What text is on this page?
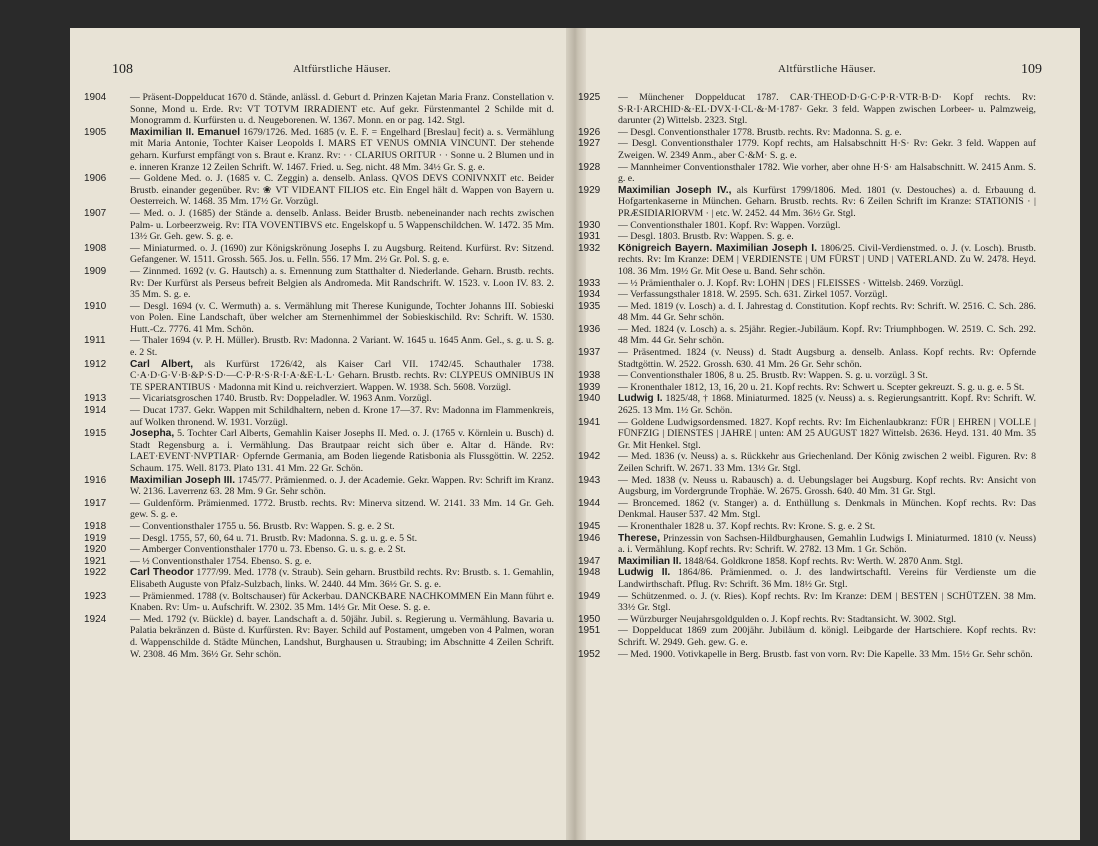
108	Altfürstliche Häuser.
1904 — Präsent-Doppelducat 1670 d. Stände, anlässl. d. Geburt d. Prinzen Kajetan Maria Franz. Constellation v. Sonne, Mond u. Erde. Rv: VT TOTVM IRRADIENT etc. Auf gekr. Fürstenmantel 2 Schilde mit d. Monogramm d. Kurfürsten u. d. Neugeborenen. W. 1367. Monn. en or pag. 142. Stgl.
1905 Maximilian II. Emanuel 1679/1726. Med. 1685 (v. E. F. = Engelhard [Breslau] fecit) a. s. Vermählung mit Maria Antonie, Tochter Kaiser Leopolds I. MARS ET VENUS OMNIA VINCUNT. Der stehende geharn. Kurfurst empfängt von s. Braut e. Kranz. Rv: · · CLARIUS ORITUR · · Sonne u. 2 Blumen und in e. inneren Kranze 12 Zeilen Schrift. W. 1467. Fried. u. Seg. nicht. 48 Mm. 34½ Gr. S. g. e.
1906 — Goldene Med. o. J. (1685 v. C. Zeggin) a. denselb. Anlass. QVOS DEVS CONIVNXIT etc. Beider Brustb. einander gegenüber. Rv: ❀ VT VIDEANT FILIOS etc. Ein Engel hält d. Wappen von Bayern u. Oesterreich. W. 1468. 35 Mm. 17½ Gr. Vorzügl.
1907 — Med. o. J. (1685) der Stände a. denselb. Anlass. Beider Brustb. nebeneinander nach rechts zwischen Palm- u. Lorbeerzweig. Rv: ITA VOVENTIBVS etc. Engelskopf u. 5 Wappenschildchen. W. 1472. 35 Mm. 13½ Gr. Geh. gew. S. g. e.
1908 — Miniaturmed. o. J. (1690) zur Königskrönung Josephs I. zu Augsburg. Reitend. Kurfürst. Rv: Sitzend. Gefangener. W. 1511. Grossh. 565. Jos. u. Felln. 556. 17 Mm. 2½ Gr. Pol. S. g. e.
1909 — Zinnmed. 1692 (v. G. Hautsch) a. s. Ernennung zum Statthalter d. Niederlande. Geharn. Brustb. rechts. Rv: Der Kurfürst als Perseus befreit Belgien als Andromeda. Mit Randschrift. W. 1523. v. Loon IV. 83. 2. 35 Mm. S. g. e.
1910 — Desgl. 1694 (v. C. Wermuth) a. s. Vermählung mit Therese Kunigunde, Tochter Johanns III. Sobieski von Polen. Eine Landschaft, über welcher am Sternenhimmel der Sobieskischild. Rv: Schrift. W. 1530. Hutt.-Cz. 7776. 41 Mm. Schön.
1911 — Thaler 1694 (v. P. H. Müller). Brustb. Rv: Madonna. 2 Variant. W. 1645 u. 1645 Anm. Gel., s. g. u. S. g. e. 2 St.
1912 Carl Albert, als Kurfürst 1726/42, als Kaiser Carl VII. 1742/45. Schauthaler 1738. C·A·D·G·V·B·&P·S·D·—C·P·R·S·R·I·A·&E·L·L· Geharn. Brustb. rechts. Rv: CLYPEUS OMNIBUS IN TE SPERANTIBUS · Madonna mit Kind u. reichverziert. Wappen. W. 1938. Sch. 5608. Vorzügl.
1913 — Vicariatsgroschen 1740. Brustb. Rv: Doppeladler. W. 1963 Anm. Vorzügl.
1914 — Ducat 1737. Gekr. Wappen mit Schildhaltern, neben d. Krone 17—37. Rv: Madonna im Flammenkreis, auf Wolken thronend. W. 1931. Vorzügl.
1915 Josepha, 5. Tochter Carl Alberts, Gemahlin Kaiser Josephs II. Med. o. J. (1765 v. Körnlein u. Busch) d. Stadt Regensburg a. i. Vermählung. Das Brautpaar reicht sich über e. Altar d. Hände. Rv: LAET·EVENT·NVPTIAR· Opfernde Germania, am Boden liegende Ratisbonia als Flussgöttin. W. 2252. Schaum. 175. Well. 8173. Plato 131. 41 Mm. 22 Gr. Schön.
1916 Maximilian Joseph III. 1745/77. Prämienmed. o. J. der Academie. Gekr. Wappen. Rv: Schrift im Kranz. W. 2136. Laverrenz 63. 28 Mm. 9 Gr. Sehr schön.
1917 — Guldenförm. Prämienmed. 1772. Brustb. rechts. Rv: Minerva sitzend. W. 2141. 33 Mm. 14 Gr. Geh. gew. S. g. e.
1918 — Conventionsthaler 1755 u. 56. Brustb. Rv: Wappen. S. g. e. 2 St.
1919 — Desgl. 1755, 57, 60, 64 u. 71. Brustb. Rv: Madonna. S. g. u. g. e. 5 St.
1920 — Amberger Conventionsthaler 1770 u. 73. Ebenso. G. u. s. g. e. 2 St.
1921 — ½ Conventionsthaler 1754. Ebenso. S. g. e.
1922 Carl Theodor 1777/99. Med. 1778 (v. Straub). Sein geharn. Brustbild rechts. Rv: Brustb. s. 1. Gemahlin, Elisabeth Auguste von Pfalz-Sulzbach, links. W. 2440. 44 Mm. 36½ Gr. S. g. e.
1923 — Prämienmed. 1788 (v. Boltschauser) für Ackerbau. DANCKBARE NACHKOMMEN Ein Mann führt e. Knaben. Rv: Um- u. Aufschrift. W. 2302. 35 Mm. 14½ Gr. Mit Oese. S. g. e.
1924 — Med. 1792 (v. Bückle) d. bayer. Landschaft a. d. 50jähr. Jubil. s. Regierung u. Vermählung. Bavaria u. Palatia bekränzen d. Büste d. Kurfürsten. Rv: Bayer. Schild auf Postament, umgeben von 4 Palmen, woran d. Wappenschilde d. Städte München, Landshut, Burghausen u. Straubing; im Abschnitte 4 Zeilen Schrift. W. 2308. 46 Mm. 36½ Gr. Sehr schön.
Altfürstliche Häuser.	109
1925 — Münchener Doppelducat 1787. CAR·THEOD·D·G·C·P·R·VTR·B·D· Kopf rechts. Rv: S·R·I·ARCHID·&·EL·DVX·I·CL·&·M·1787· Gekr. 3 feld. Wappen zwischen Lorbeer- u. Palmzweig, darunter (2) Wittelsb. 2323. Stgl.
1926 — Desgl. Conventionsthaler 1778. Brustb. rechts. Rv: Madonna. S. g. e.
1927 — Desgl. Conventionsthaler 1779. Kopf rechts, am Halsabschnitt H·S· Rv: Gekr. 3 feld. Wappen auf Zweigen. W. 2349 Anm., aber C·&M· S. g. e.
1928 — Mannheimer Conventionsthaler 1782. Wie vorher, aber ohne H·S· am Halsabschnitt. W. 2415 Anm. S. g. e.
1929 Maximilian Joseph IV., als Kurfürst 1799/1806. Med. 1801 (v. Destouches) a. d. Erbauung d. Hofgartenkaserne in München. Geharn. Brustb. rechts. Rv: 6 Zeilen Schrift im Kranze: STATIONIS · | PRÆSIDIARIORVM · | etc. W. 2452. 44 Mm. 36½ Gr. Stgl.
1930 — Conventionsthaler 1801. Kopf. Rv: Wappen. Vorzügl.
1931 — Desgl. 1803. Brustb. Rv: Wappen. S. g. e.
1932 Königreich Bayern. Maximilian Joseph I. 1806/25. Civil-Verdienstmed. o. J. (v. Losch). Brustb. rechts. Rv: Im Kranze: DEM | VERDIENSTE | UM FÜRST | UND | VATERLAND. Zu W. 2478. Heyd. 108. 36 Mm. 19½ Gr. Mit Oese u. Band. Sehr schön.
1933 — ½ Prämienthaler o. J. Kopf. Rv: LOHN | DES | FLEISSES · Wittelsb. 2469. Vorzügl.
1934 — Verfassungsthaler 1818. W. 2595. Sch. 631. Zirkel 1057. Vorzügl.
1935 — Med. 1819 (v. Losch) a. d. I. Jahrestag d. Constitution. Kopf rechts. Rv: Schrift. W. 2516. C. Sch. 286. 48 Mm. 44 Gr. Sehr schön.
1936 — Med. 1824 (v. Losch) a. s. 25jähr. Regier.-Jubiläum. Kopf. Rv: Triumphbogen. W. 2519. C. Sch. 292. 48 Mm. 44 Gr. Sehr schön.
1937 — Präsentmed. 1824 (v. Neuss) d. Stadt Augsburg a. denselb. Anlass. Kopf rechts. Rv: Opfernde Stadtgöttin. W. 2522. Grossh. 630. 41 Mm. 26 Gr. Sehr schön.
1938 — Conventionsthaler 1806, 8 u. 25. Brustb. Rv: Wappen. S. g. u. vorzügl. 3 St.
1939 — Kronenthaler 1812, 13, 16, 20 u. 21. Kopf rechts. Rv: Schwert u. Scepter gekreuzt. S. g. u. g. e. 5 St.
1940 Ludwig I. 1825/48, † 1868. Miniaturmed. 1825 (v. Neuss) a. s. Regierungsantritt. Kopf. Rv: Schrift. W. 2625. 13 Mm. 1½ Gr. Schön.
1941 — Goldene Ludwigsordensmed. 1827. Kopf rechts. Rv: Im Eichenlaubkranz: FÜR | EHREN | VOLLE | FÜNFZIG | DIENSTES | JAHRE | unten: AM 25 AUGUST 1827 Wittelsb. 2636. Heyd. 131. 40 Mm. 35 Gr. Mit Henkel. Stgl.
1942 — Med. 1836 (v. Neuss) a. s. Rückkehr aus Griechenland. Der König zwischen 2 weibl. Figuren. Rv: 8 Zeilen Schrift. W. 2671. 33 Mm. 13½ Gr. Stgl.
1943 — Med. 1838 (v. Neuss u. Rabausch) a. d. Uebungslager bei Augsburg. Kopf rechts. Rv: Ansicht von Augsburg, im Vordergrunde Trophäe. W. 2675. Grossh. 640. 40 Mm. 31 Gr. Stgl.
1944 — Broncemed. 1862 (v. Stanger) a. d. Enthüllung s. Denkmals in München. Kopf rechts. Rv: Das Denkmal. Hauser 537. 42 Mm. Stgl.
1945 — Kronenthaler 1828 u. 37. Kopf rechts. Rv: Krone. S. g. e. 2 St.
1946 Therese, Prinzessin von Sachsen-Hildburghausen, Gemahlin Ludwigs I. Miniaturmed. 1810 (v. Neuss) a. i. Vermählung. Kopf rechts. Rv: Schrift. W. 2782. 13 Mm. 1 Gr. Schön.
1947 Maximilian II. 1848/64. Goldkrone 1858. Kopf rechts. Rv: Werth. W. 2870 Anm. Stgl.
1948 Ludwig II. 1864/86. Prämienmed. o. J. des landwirtschaftl. Vereins für Verdienste um die Landwirthschaft. Pflug. Rv: Schrift. 36 Mm. 18½ Gr. Stgl.
1949 — Schützenmed. o. J. (v. Ries). Kopf rechts. Rv: Im Kranze: DEM | BESTEN | SCHÜTZEN. 38 Mm. 33½ Gr. Stgl.
1950 — Würzburger Neujahrsgoldgulden o. J. Kopf rechts. Rv: Stadtansicht. W. 3002. Stgl.
1951 — Doppelducat 1869 zum 200jähr. Jubiläum d. königl. Leibgarde der Hartschiere. Kopf rechts. Rv: Schrift. W. 2949. Geh. gew. G. e.
1952 — Med. 1900. Votivkapelle in Berg. Brustb. fast von vorn. Rv: Die Kapelle. 33 Mm. 15½ Gr. Sehr schön.
